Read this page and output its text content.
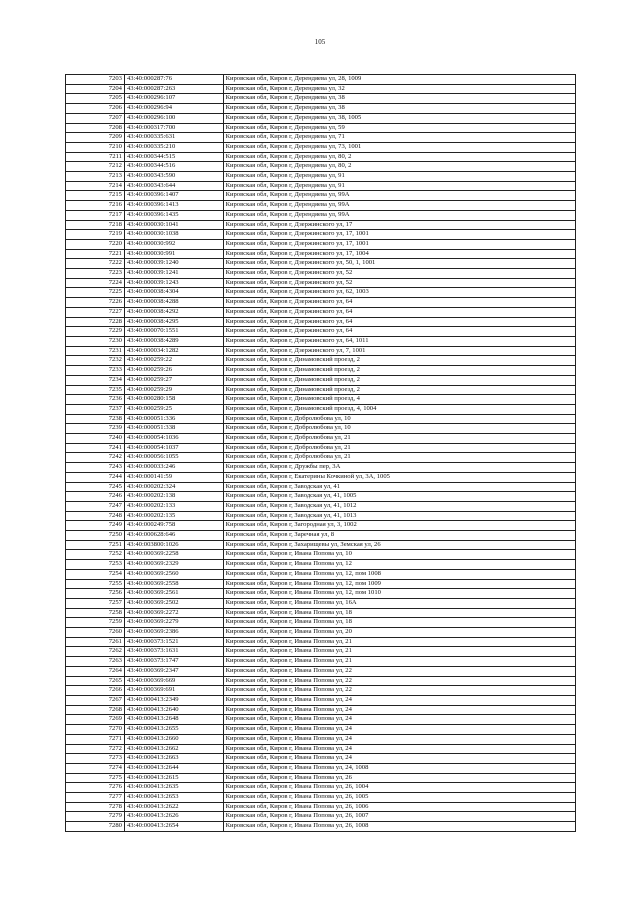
105
7203	43:40:000287:76	Кировская обл, Киров г, Дерендяева ул, 28, 1009
7204	43:40:000287:263	Кировская обл, Киров г, Дерендяева ул, 32
7205	43:40:000296:107	Кировская обл, Киров г, Дерендяева ул, 38
7206	43:40:000296:94	Кировская обл, Киров г, Дерендяева ул, 38
7207	43:40:000296:100	Кировская обл, Киров г, Дерендяева ул, 38, 1005
7208	43:40:000317:700	Кировская обл, Киров г, Дерендяева ул, 59
7209	43:40:000335:631	Кировская обл, Киров г, Дерендяева ул, 71
7210	43:40:000335:210	Кировская обл, Киров г, Дерендяева ул, 73, 1001
7211	43:40:000344:515	Кировская обл, Киров г, Дерендяева ул, 80, 2
7212	43:40:000344:516	Кировская обл, Киров г, Дерендяева ул, 80, 2
7213	43:40:000343:590	Кировская обл, Киров г, Дерендяева ул, 91
7214	43:40:000343:644	Кировская обл, Киров г, Дерендяева ул, 91
7215	43:40:000396:1407	Кировская обл, Киров г, Дерендяева ул, 99А
7216	43:40:000396:1413	Кировская обл, Киров г, Дерендяева ул, 99А
7217	43:40:000396:1435	Кировская обл, Киров г, Дерендяева ул, 99А
7218	43:40:000030:1041	Кировская обл, Киров г, Дзержинского ул, 17
7219	43:40:000030:1038	Кировская обл, Киров г, Дзержинского ул, 17, 1001
7220	43:40:000030:992	Кировская обл, Киров г, Дзержинского ул, 17, 1001
7221	43:40:000030:991	Кировская обл, Киров г, Дзержинского ул, 17, 1004
7222	43:40:000039:1240	Кировская обл, Киров г, Дзержинского ул, 50, 1, 1001
7223	43:40:000039:1241	Кировская обл, Киров г, Дзержинского ул, 52
7224	43:40:000039:1243	Кировская обл, Киров г, Дзержинского ул, 52
7225	43:40:000038:4304	Кировская обл, Киров г, Дзержинского ул, 62, 1003
7226	43:40:000038:4288	Кировская обл, Киров г, Дзержинского ул, 64
7227	43:40:000038:4292	Кировская обл, Киров г, Дзержинского ул, 64
7228	43:40:000038:4295	Кировская обл, Киров г, Дзержинского ул, 64
7229	43:40:000070:1551	Кировская обл, Киров г, Дзержинского ул, 64
7230	43:40:000038:4289	Кировская обл, Киров г, Дзержинского ул, 64, 1011
7231	43:40:000034:1282	Кировская обл, Киров г, Дзержинского ул, 7, 1001
7232	43:40:000259:22	Кировская обл, Киров г, Динамовский проезд, 2
7233	43:40:000259:26	Кировская обл, Киров г, Динамовский проезд, 2
7234	43:40:000259:27	Кировская обл, Киров г, Динамовский проезд, 2
7235	43:40:000259:29	Кировская обл, Киров г, Динамовский проезд, 2
7236	43:40:000280:158	Кировская обл, Киров г, Динамовский проезд, 4
7237	43:40:000259:25	Кировская обл, Киров г, Динамовский проезд, 4, 1004
7238	43:40:000051:336	Кировская обл, Киров г, Добролюбова ул, 10
7239	43:40:000051:338	Кировская обл, Киров г, Добролюбова ул, 10
7240	43:40:000054:1036	Кировская обл, Киров г, Добролюбова ул, 21
7241	43:40:000054:1037	Кировская обл, Киров г, Добролюбова ул, 21
7242	43:40:000056:1055	Кировская обл, Киров г, Добролюбова ул, 21
7243	43:40:000033:246	Кировская обл, Киров г, Дружбы пер, 3А
7244	43:40:000141:59	Кировская обл, Киров г, Екатерины Кочкиной ул, 3А, 1005
7245	43:40:000202:324	Кировская обл, Киров г, Заводская ул, 41
7246	43:40:000202:138	Кировская обл, Киров г, Заводская ул, 41, 1005
7247	43:40:000202:133	Кировская обл, Киров г, Заводская ул, 41, 1012
7248	43:40:000202:135	Кировская обл, Киров г, Заводская ул, 41, 1013
7249	43:40:000249:758	Кировская обл, Киров г, Загородная ул, 3, 1002
7250	43:40:000628:646	Кировская обл, Киров г, Заречная ул, 8
7251	43:40:003800:1026	Кировская обл, Киров г, Захарищевы ул, Земская ул, 26
7252	43:40:000369:2258	Кировская обл, Киров г, Ивана Попова ул, 10
7253	43:40:000369:2329	Кировская обл, Киров г, Ивана Попова ул, 12
7254	43:40:000369:2560	Кировская обл, Киров г, Ивана Попова ул, 12, пом 1008
7255	43:40:000369:2558	Кировская обл, Киров г, Ивана Попова ул, 12, пом 1009
7256	43:40:000369:2561	Кировская обл, Киров г, Ивана Попова ул, 12, пом 1010
7257	43:40:000369:2502	Кировская обл, Киров г, Ивана Попова ул, 16А
7258	43:40:000369:2272	Кировская обл, Киров г, Ивана Попова ул, 18
7259	43:40:000369:2279	Кировская обл, Киров г, Ивана Попова ул, 18
7260	43:40:000369:2386	Кировская обл, Киров г, Ивана Попова ул, 20
7261	43:40:000373:1521	Кировская обл, Киров г, Ивана Попова ул, 21
7262	43:40:000373:1631	Кировская обл, Киров г, Ивана Попова ул, 21
7263	43:40:000373:1747	Кировская обл, Киров г, Ивана Попова ул, 21
7264	43:40:000369:2347	Кировская обл, Киров г, Ивана Попова ул, 22
7265	43:40:000369:669	Кировская обл, Киров г, Ивана Попова ул, 22
7266	43:40:000369:691	Кировская обл, Киров г, Ивана Попова ул, 22
7267	43:40:000413:2349	Кировская обл, Киров г, Ивана Попова ул, 24
7268	43:40:000413:2640	Кировская обл, Киров г, Ивана Попова ул, 24
7269	43:40:000413:2648	Кировская обл, Киров г, Ивана Попова ул, 24
7270	43:40:000413:2655	Кировская обл, Киров г, Ивана Попова ул, 24
7271	43:40:000413:2660	Кировская обл, Киров г, Ивана Попова ул, 24
7272	43:40:000413:2662	Кировская обл, Киров г, Ивана Попова ул, 24
7273	43:40:000413:2663	Кировская обл, Киров г, Ивана Попова ул, 24
7274	43:40:000413:2644	Кировская обл, Киров г, Ивана Попова ул, 24, 1008
7275	43:40:000413:2615	Кировская обл, Киров г, Ивана Попова ул, 26
7276	43:40:000413:2635	Кировская обл, Киров г, Ивана Попова ул, 26, 1004
7277	43:40:000413:2653	Кировская обл, Киров г, Ивана Попова ул, 26, 1005
7278	43:40:000413:2622	Кировская обл, Киров г, Ивана Попова ул, 26, 1006
7279	43:40:000413:2626	Кировская обл, Киров г, Ивана Попова ул, 26, 1007
7280	43:40:000413:2654	Кировская обл, Киров г, Ивана Попова ул, 26, 1008
